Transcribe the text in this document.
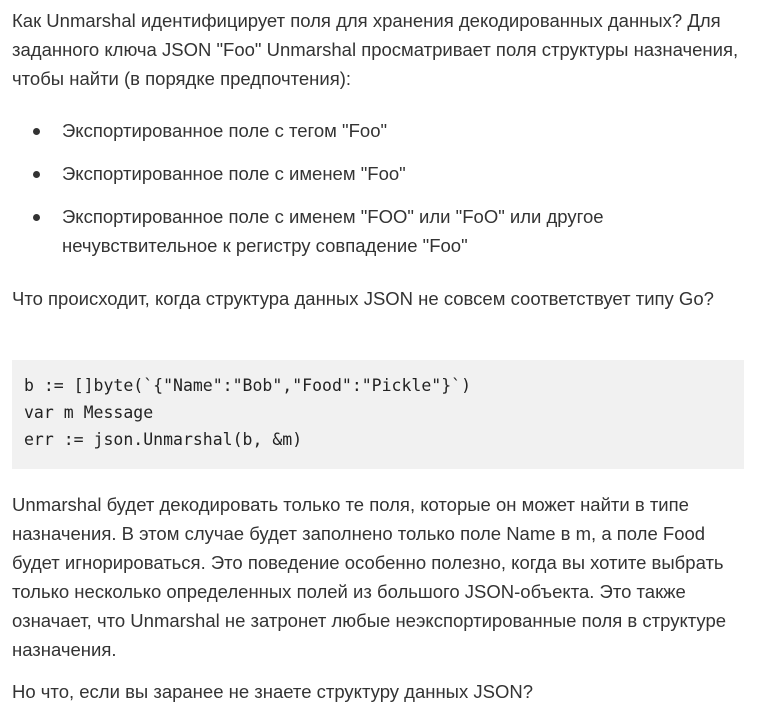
Как Unmarshal идентифицирует поля для хранения декодированных данных? Для заданного ключа JSON "Foo" Unmarshal просматривает поля структуры назначения, чтобы найти (в порядке предпочтения):

Экспортированное поле с тегом "Foo"
Экспортированное поле с именем "Foo"
Экспортированное поле с именем "FOO" или "FoO" или другое нечувствительное к регистру совпадение "Foo"

Что происходит, когда структура данных JSON не совсем соответствует типу Go?

b := []byte(`{"Name":"Bob","Food":"Pickle"}`)
var m Message
err := json.Unmarshal(b, &m)

Unmarshal будет декодировать только те поля, которые он может найти в типе назначения. В этом случае будет заполнено только поле Name в m, а поле Food будет игнорироваться. Это поведение особенно полезно, когда вы хотите выбрать только несколько определенных полей из большого JSON-объекта. Это также означает, что Unmarshal не затронет любые неэкспортированные поля в структуре назначения.

Но что, если вы заранее не знаете структуру данных JSON?
